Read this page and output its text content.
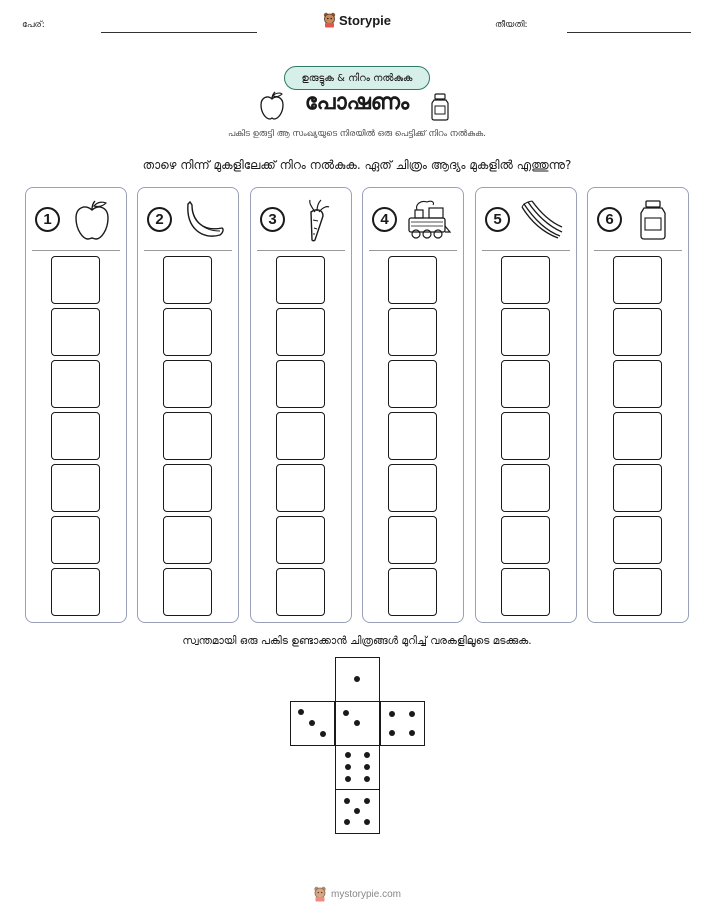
പേര്:	Storypie	തീയതി:
ഉരുട്ടുക & നിറം നൽകുക
പോഷണം
പകിട ഉരുട്ടി ആ സംഖ്യയുടെ നിരയിൽ ഒരു പെട്ടിക്ക് നിറം നൽകുക.
താഴെ നിന്ന് മുകളിലേക്ക് നിറം നൽകുക. ഏത് ചിത്രം ആദ്യം മുകളിൽ എത്തുന്നു?
1	2	3	4	5	6
സ്വന്തമായി ഒരു പകിട ഉണ്ടാക്കാൻ ചിത്രങ്ങൾ മുറിച്ച് വരകളിലൂടെ മടക്കുക.
mystorypie.com
